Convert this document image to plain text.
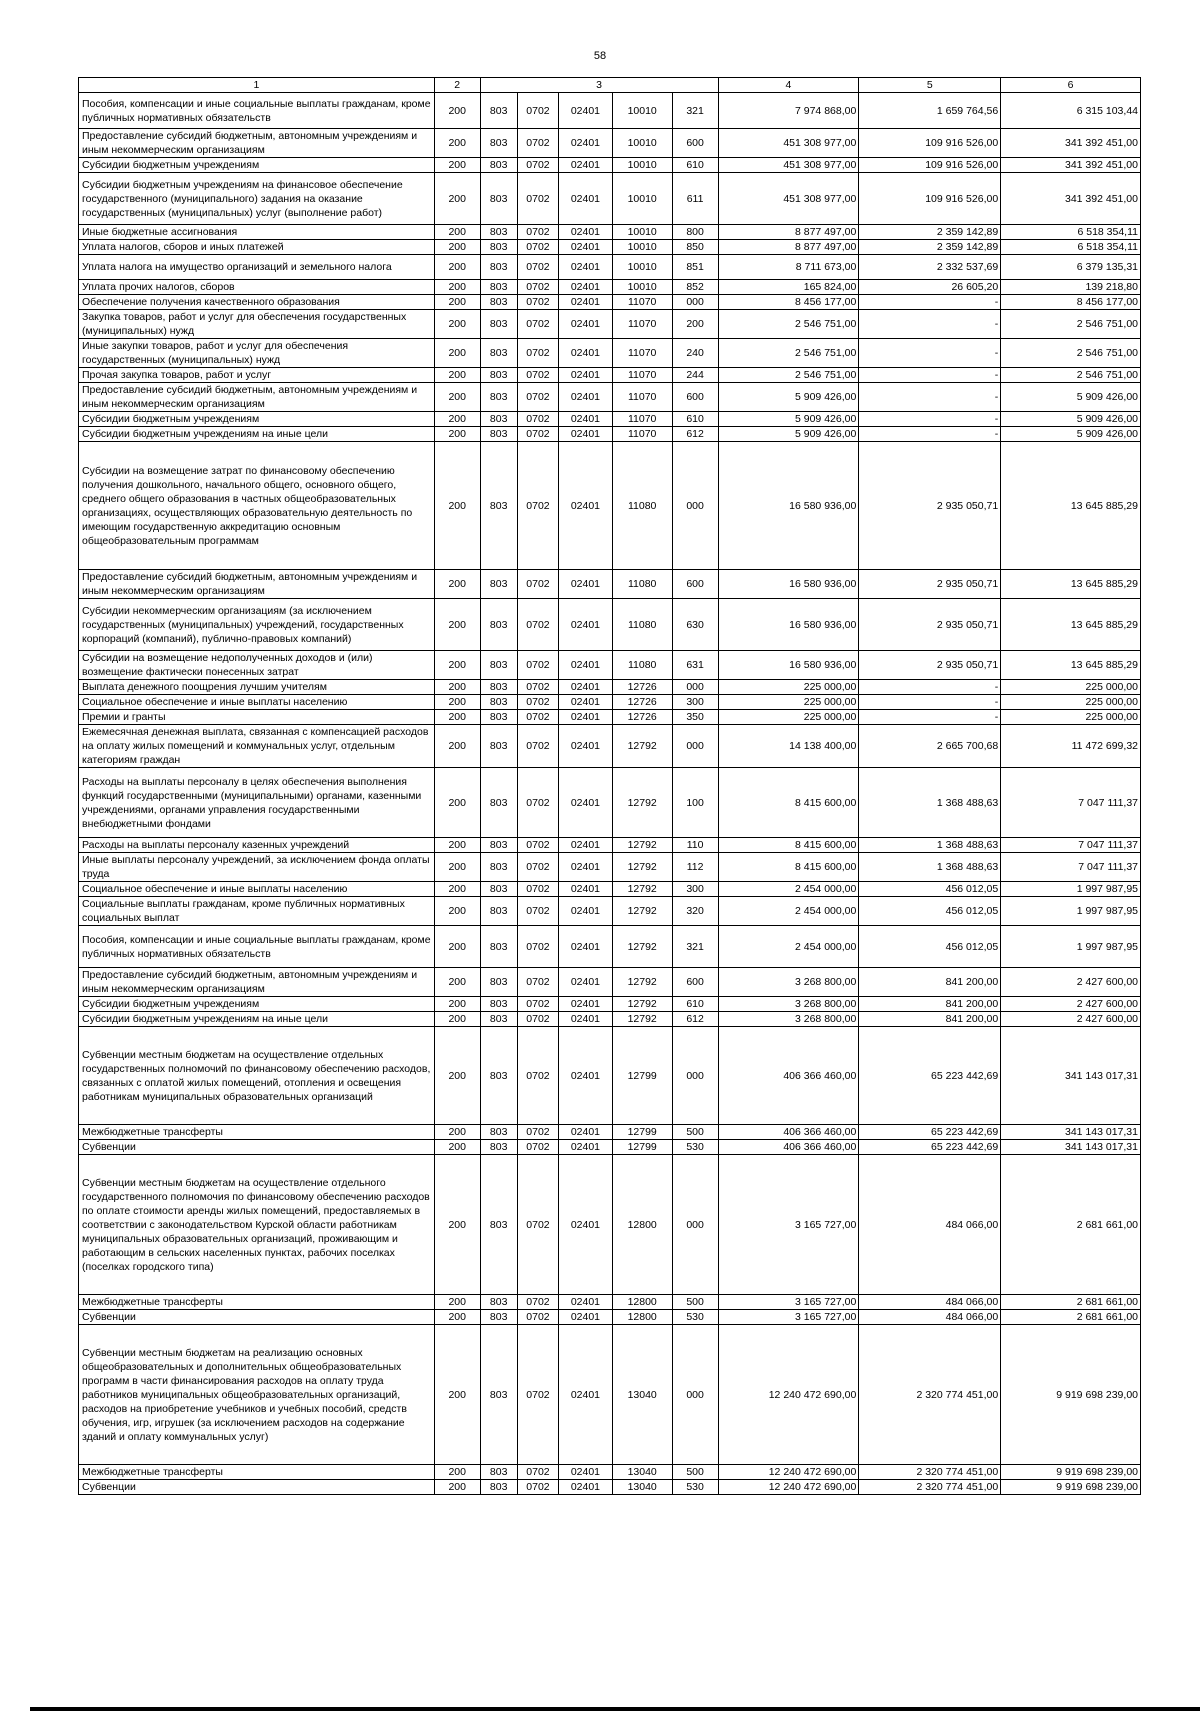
58
1	2	3					4	5	6
Пособия, компенсации и иные социальные выплаты гражданам, кроме публичных нормативных обязательств	200	803	0702	02401	10010	321	7 974 868,00	1 659 764,56	6 315 103,44
Предоставление субсидий бюджетным, автономным учреждениям и иным некоммерческим организациям	200	803	0702	02401	10010	600	451 308 977,00	109 916 526,00	341 392 451,00
Субсидии бюджетным учреждениям	200	803	0702	02401	10010	610	451 308 977,00	109 916 526,00	341 392 451,00
Субсидии бюджетным учреждениям на финансовое обеспечение государственного (муниципального) задания на оказание государственных (муниципальных) услуг (выполнение работ)	200	803	0702	02401	10010	611	451 308 977,00	109 916 526,00	341 392 451,00
Иные бюджетные ассигнования	200	803	0702	02401	10010	800	8 877 497,00	2 359 142,89	6 518 354,11
Уплата налогов, сборов и иных платежей	200	803	0702	02401	10010	850	8 877 497,00	2 359 142,89	6 518 354,11
Уплата налога на имущество организаций и земельного налога	200	803	0702	02401	10010	851	8 711 673,00	2 332 537,69	6 379 135,31
Уплата прочих налогов, сборов	200	803	0702	02401	10010	852	165 824,00	26 605,20	139 218,80
Обеспечение получения качественного образования	200	803	0702	02401	11070	000	8 456 177,00	-	8 456 177,00
Закупка товаров, работ и услуг для обеспечения государственных (муниципальных) нужд	200	803	0702	02401	11070	200	2 546 751,00	-	2 546 751,00
Иные закупки товаров, работ и услуг для обеспечения государственных (муниципальных) нужд	200	803	0702	02401	11070	240	2 546 751,00	-	2 546 751,00
Прочая закупка товаров, работ и услуг	200	803	0702	02401	11070	244	2 546 751,00	-	2 546 751,00
Предоставление субсидий бюджетным, автономным учреждениям и иным некоммерческим организациям	200	803	0702	02401	11070	600	5 909 426,00	-	5 909 426,00
Субсидии бюджетным учреждениям	200	803	0702	02401	11070	610	5 909 426,00	-	5 909 426,00
Субсидии бюджетным учреждениям на иные цели	200	803	0702	02401	11070	612	5 909 426,00	-	5 909 426,00
Субсидии на возмещение затрат по финансовому обеспечению получения дошкольного, начального общего, основного общего, среднего общего образования в частных общеобразовательных организациях, осуществляющих образовательную деятельность по имеющим государственную аккредитацию основным общеобразовательным программам	200	803	0702	02401	11080	000	16 580 936,00	2 935 050,71	13 645 885,29
Предоставление субсидий бюджетным, автономным учреждениям и иным некоммерческим организациям	200	803	0702	02401	11080	600	16 580 936,00	2 935 050,71	13 645 885,29
Субсидии некоммерческим организациям (за исключением государственных (муниципальных) учреждений, государственных корпораций (компаний), публично-правовых компаний)	200	803	0702	02401	11080	630	16 580 936,00	2 935 050,71	13 645 885,29
Субсидии на возмещение недополученных доходов и (или) возмещение фактически понесенных затрат	200	803	0702	02401	11080	631	16 580 936,00	2 935 050,71	13 645 885,29
Выплата денежного поощрения лучшим учителям	200	803	0702	02401	12726	000	225 000,00	-	225 000,00
Социальное обеспечение и иные выплаты населению	200	803	0702	02401	12726	300	225 000,00	-	225 000,00
Премии и гранты	200	803	0702	02401	12726	350	225 000,00	-	225 000,00
Ежемесячная денежная выплата, связанная с компенсацией расходов на оплату жилых помещений и коммунальных услуг, отдельным категориям граждан	200	803	0702	02401	12792	000	14 138 400,00	2 665 700,68	11 472 699,32
Расходы на выплаты персоналу в целях обеспечения выполнения функций государственными (муниципальными) органами, казенными учреждениями, органами управления государственными внебюджетными фондами	200	803	0702	02401	12792	100	8 415 600,00	1 368 488,63	7 047 111,37
Расходы на выплаты персоналу казенных учреждений	200	803	0702	02401	12792	110	8 415 600,00	1 368 488,63	7 047 111,37
Иные выплаты персоналу учреждений, за исключением фонда оплаты труда	200	803	0702	02401	12792	112	8 415 600,00	1 368 488,63	7 047 111,37
Социальное обеспечение и иные выплаты населению	200	803	0702	02401	12792	300	2 454 000,00	456 012,05	1 997 987,95
Социальные выплаты гражданам, кроме публичных нормативных социальных выплат	200	803	0702	02401	12792	320	2 454 000,00	456 012,05	1 997 987,95
Пособия, компенсации и иные социальные выплаты гражданам, кроме публичных нормативных обязательств	200	803	0702	02401	12792	321	2 454 000,00	456 012,05	1 997 987,95
Предоставление субсидий бюджетным, автономным учреждениям и иным некоммерческим организациям	200	803	0702	02401	12792	600	3 268 800,00	841 200,00	2 427 600,00
Субсидии бюджетным учреждениям	200	803	0702	02401	12792	610	3 268 800,00	841 200,00	2 427 600,00
Субсидии бюджетным учреждениям на иные цели	200	803	0702	02401	12792	612	3 268 800,00	841 200,00	2 427 600,00
Субвенции местным бюджетам на осуществление отдельных государственных полномочий по финансовому обеспечению расходов, связанных с оплатой жилых помещений, отопления и освещения работникам муниципальных образовательных организаций	200	803	0702	02401	12799	000	406 366 460,00	65 223 442,69	341 143 017,31
Межбюджетные трансферты	200	803	0702	02401	12799	500	406 366 460,00	65 223 442,69	341 143 017,31
Субвенции	200	803	0702	02401	12799	530	406 366 460,00	65 223 442,69	341 143 017,31
Субвенции местным бюджетам на осуществление отдельного государственного полномочия по финансовому обеспечению расходов по оплате стоимости аренды жилых помещений, предоставляемых в соответствии с законодательством Курской области работникам муниципальных образовательных организаций, проживающим и работающим в сельских населенных пунктах, рабочих поселках (поселках городского типа)	200	803	0702	02401	12800	000	3 165 727,00	484 066,00	2 681 661,00
Межбюджетные трансферты	200	803	0702	02401	12800	500	3 165 727,00	484 066,00	2 681 661,00
Субвенции	200	803	0702	02401	12800	530	3 165 727,00	484 066,00	2 681 661,00
Субвенции местным бюджетам на реализацию основных общеобразовательных и дополнительных общеобразовательных программ в части финансирования расходов на оплату труда работников муниципальных общеобразовательных организаций, расходов на приобретение учебников и учебных пособий, средств обучения, игр, игрушек (за исключением расходов на содержание зданий и оплату коммунальных услуг)	200	803	0702	02401	13040	000	12 240 472 690,00	2 320 774 451,00	9 919 698 239,00
Межбюджетные трансферты	200	803	0702	02401	13040	500	12 240 472 690,00	2 320 774 451,00	9 919 698 239,00
Субвенции	200	803	0702	02401	13040	530	12 240 472 690,00	2 320 774 451,00	9 919 698 239,00
